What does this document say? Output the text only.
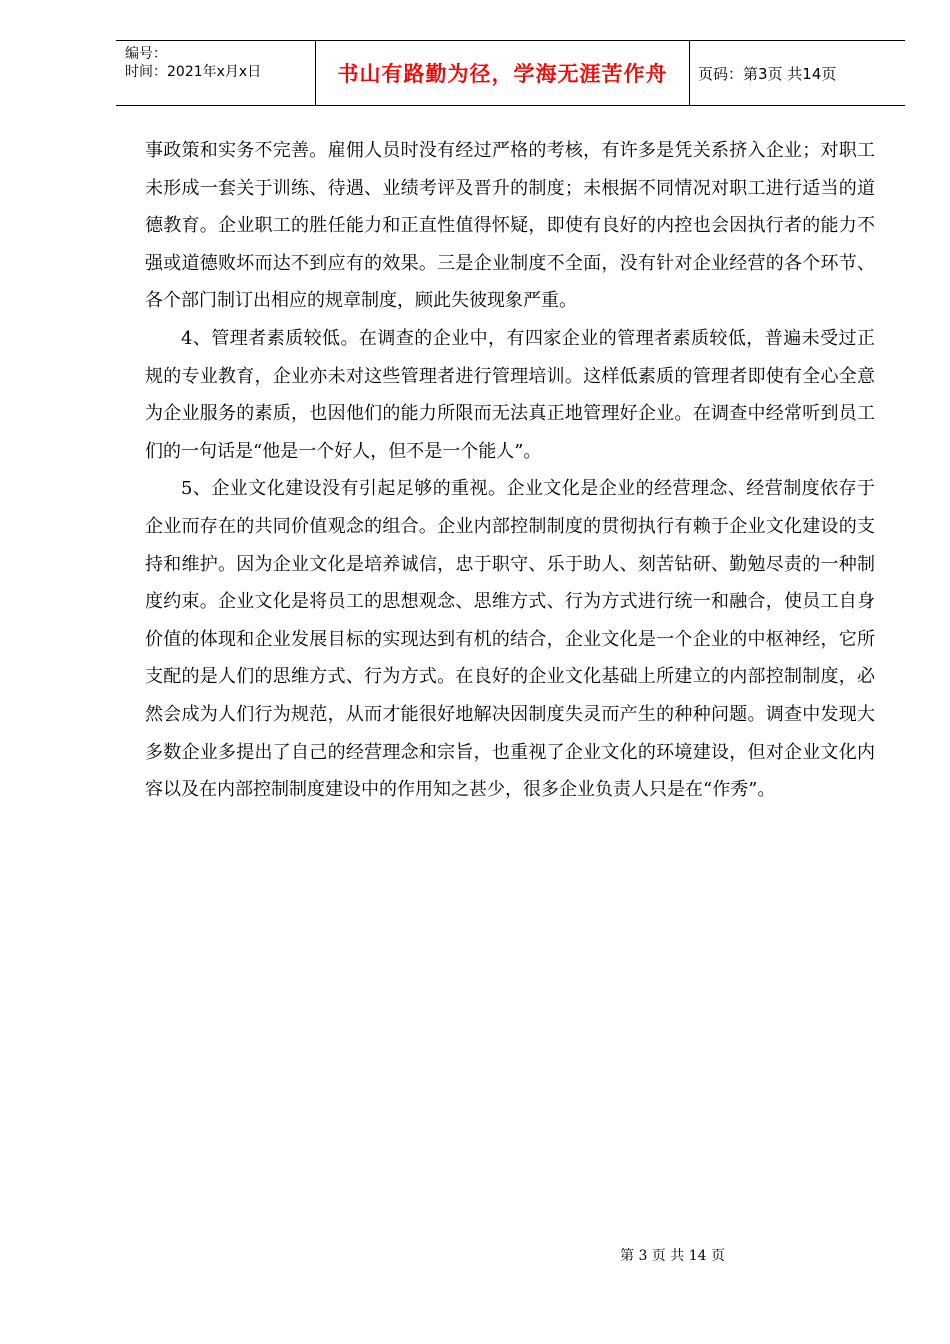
编号：
时间：2021年x月x日	书山有路勤为径，学海无涯苦作舟	页码：第3页 共14页

事政策和实务不完善。雇佣人员时没有经过严格的考核，有许多是凭关系挤入企业；对职工未形成一套关于训练、待遇、业绩考评及晋升的制度；未根据不同情况对职工进行适当的道德教育。企业职工的胜任能力和正直性值得怀疑，即使有良好的内控也会因执行者的能力不强或道德败坏而达不到应有的效果。三是企业制度不全面，没有针对企业经营的各个环节、各个部门制订出相应的规章制度，顾此失彼现象严重。

4、管理者素质较低。在调查的企业中，有四家企业的管理者素质较低，普遍未受过正规的专业教育，企业亦未对这些管理者进行管理培训。这样低素质的管理者即使有全心全意为企业服务的素质，也因他们的能力所限而无法真正地管理好企业。在调查中经常听到员工们的一句话是“他是一个好人，但不是一个能人”。

5、企业文化建设没有引起足够的重视。企业文化是企业的经营理念、经营制度依存于企业而存在的共同价值观念的组合。企业内部控制制度的贯彻执行有赖于企业文化建设的支持和维护。因为企业文化是培养诚信，忠于职守、乐于助人、刻苦钻研、勤勉尽责的一种制度约束。企业文化是将员工的思想观念、思维方式、行为方式进行统一和融合，使员工自身价值的体现和企业发展目标的实现达到有机的结合，企业文化是一个企业的中枢神经，它所支配的是人们的思维方式、行为方式。在良好的企业文化基础上所建立的内部控制制度，必然会成为人们行为规范，从而才能很好地解决因制度失灵而产生的种种问题。调查中发现大多数企业多提出了自己的经营理念和宗旨，也重视了企业文化的环境建设，但对企业文化内容以及在内部控制制度建设中的作用知之甚少，很多企业负责人只是在“作秀”。

第 3 页 共 14 页
